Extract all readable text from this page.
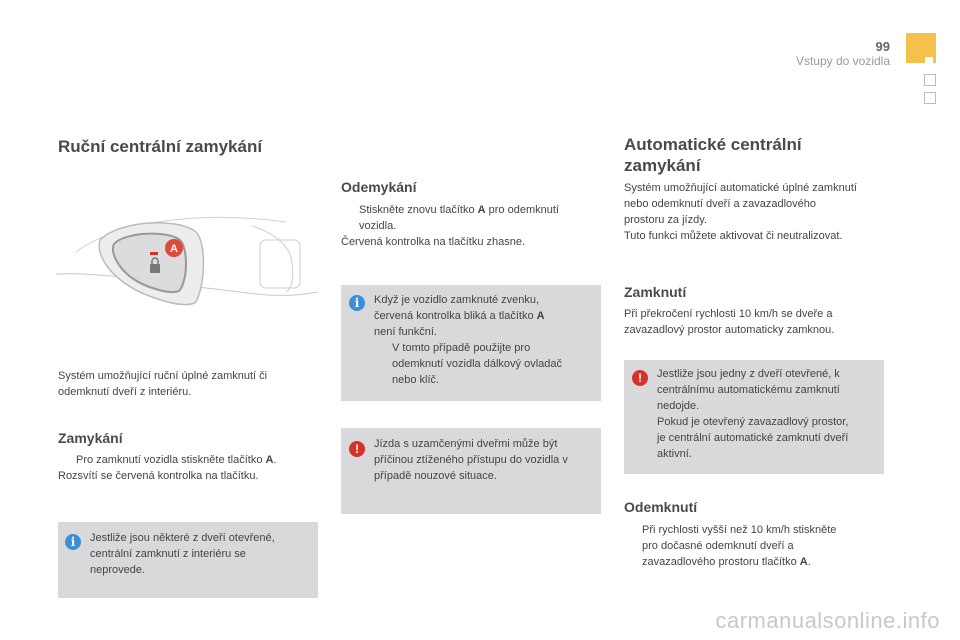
99
Vstupy do vozidla
Ruční centrální zamykání
A
Systém umožňující ruční úplné zamknutí či
odemknutí dveří z interiéru.
Zamykání
Pro zamknutí vozidla stiskněte tlačítko A.
Rozsvítí se červená kontrolka na tlačítku.
i	Jestliže jsou některé z dveří otevřené,
centrální zamknutí z interiéru se
neprovede.
Odemykání
Stiskněte znovu tlačítko A pro odemknutí
vozidla.
Červená kontrolka na tlačítku zhasne.
i	Když je vozidlo zamknuté zvenku,
červená kontrolka bliká a tlačítko A
není funkční.
V tomto případě použijte pro
odemknutí vozidla dálkový ovladač
nebo klíč.
!	Jízda s uzamčenými dveřmi může být
příčinou ztíženého přístupu do vozidla v
případě nouzové situace.
Automatické centrální
zamykání
Systém umožňující automatické úplné zamknutí
nebo odemknutí dveří a zavazadlového
prostoru za jízdy.
Tuto funkci můžete aktivovat či neutralizovat.
Zamknutí
Při překročení rychlosti 10 km/h se dveře a
zavazadlový prostor automaticky zamknou.
!	Jestliže jsou jedny z dveří otevřené, k
centrálnímu automatickému zamknutí
nedojde.
Pokud je otevřený zavazadlový prostor,
je centrální automatické zamknutí dveří
aktivní.
Odemknutí
Při rychlosti vyšší než 10 km/h stiskněte
pro dočasné odemknutí dveří a
zavazadlového prostoru tlačítko A.
carmanualsonline.info
